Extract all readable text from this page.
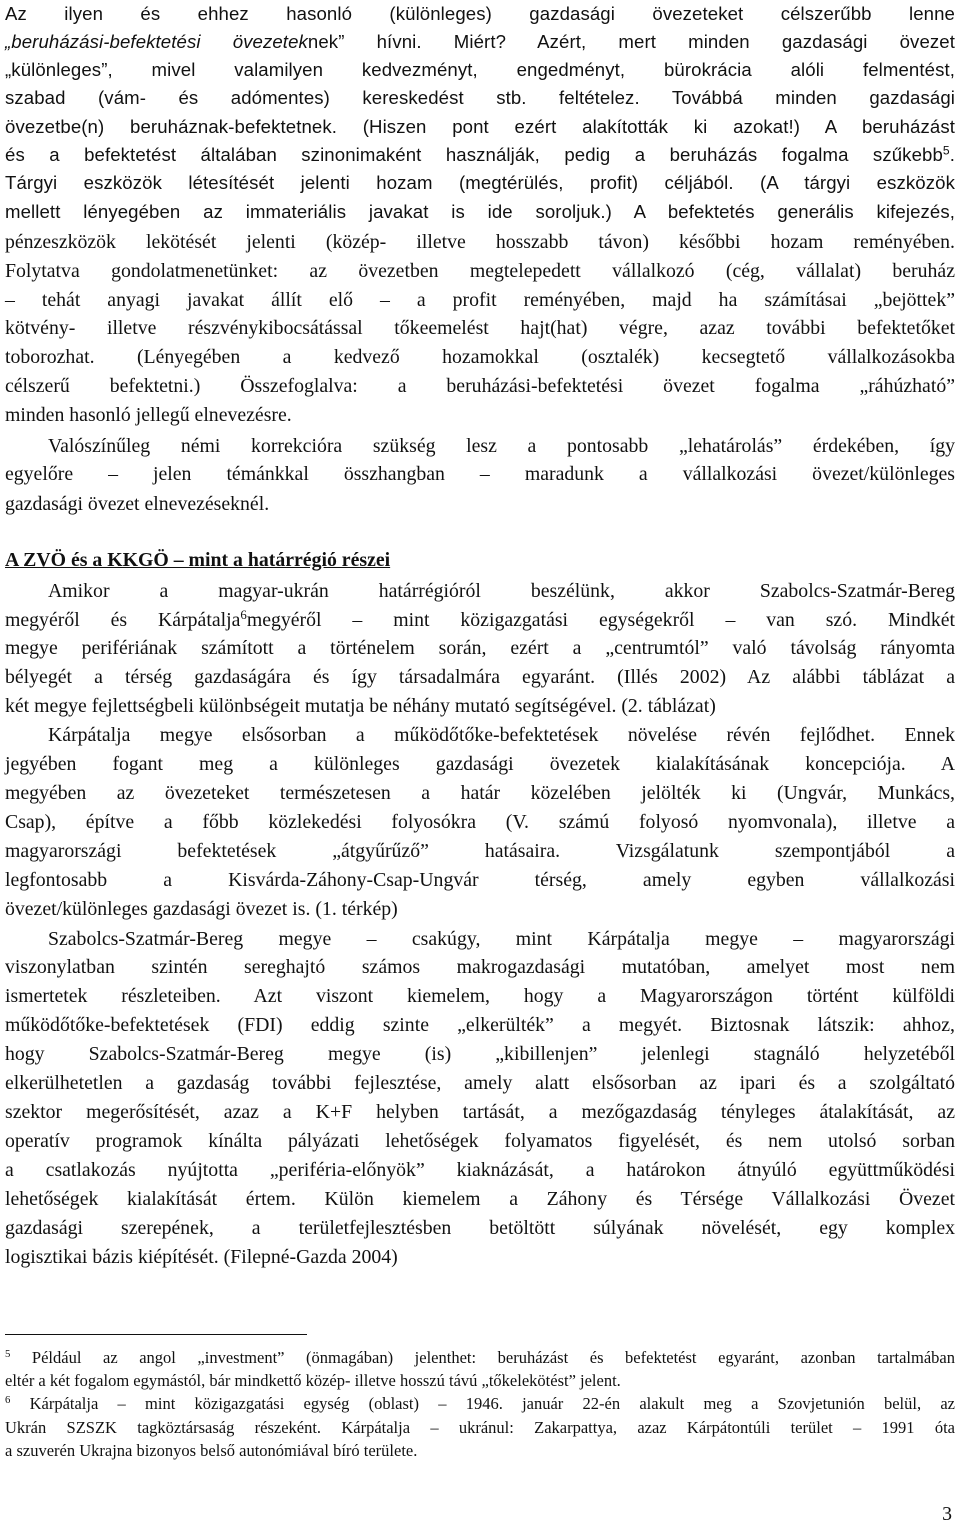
Az ilyen és ehhez hasonló (különleges) gazdasági övezeteket célszerűbb lenne
„beruházási-befektetési övezeteknek” hívni. Miért? Azért, mert minden gazdasági övezet
„különleges”, mivel valamilyen kedvezményt, engedményt, bürokrácia alóli felmentést,
szabad (vám- és adómentes) kereskedést stb. feltételez. Továbbá minden gazdasági
övezetbe(n) beruháznak-befektetnek. (Hiszen pont ezért alakították ki azokat!) A beruházást
és a befektetést általában szinonimaként használják, pedig a beruházás fogalma szűkebb$^5$.
Tárgyi eszközök létesítését jelenti hozam (megtérülés, profit) céljából. (A tárgyi eszközök
mellett lényegében az immateriális javakat is ide soroljuk.) A befektetés generális kifejezés,
pénzeszközök lekötését jelenti (közép- illetve hosszabb távon) későbbi hozam reményében.
Folytatva gondolatmenetünket: az övezetben megtelepedett vállalkozó (cég, vállalat) beruház
– tehát anyagi javakat állít elő – a profit reményében, majd ha számításai „bejöttek”
kötvény- illetve részvénykibocsátással tőkeemelést hajt(hat) végre, azaz további befektetőket
toborozhat. (Lényegében a kedvező hozamokkal (osztalék) kecsegtető vállalkozásokba
célszerű befektetni.) Összefoglalva: a beruházási-befektetési övezet fogalma „ráhúzható”
minden hasonló jellegű elnevezésre.
Valószínűleg némi korrekcióra szükség lesz a pontosabb „lehatárolás” érdekében, így
egyelőre – jelen témánkkal összhangban – maradunk a vállalkozási övezet/különleges
gazdasági övezet elnevezéseknél.
A ZVÖ és a KKGÖ – mint a határrégió részei
Amikor a magyar-ukrán határrégióról beszélünk, akkor Szabolcs-Szatmár-Bereg
megyéről és Kárpátalja$^6$megyéről – mint közigazgatási egységekről – van szó. Mindkét
megye perifériának számított a történelem során, ezért a „centrumtól” való távolság rányomta
bélyegét a térség gazdaságára és így társadalmára egyaránt. (Illés 2002) Az alábbi táblázat a
két megye fejlettségbeli különbségeit mutatja be néhány mutató segítségével. (2. táblázat)
Kárpátalja megye elsősorban a működőtőke-befektetések növelése révén fejlődhet. Ennek
jegyében fogant meg a különleges gazdasági övezetek kialakításának koncepciója. A
megyében az övezeteket természetesen a határ közelében jelölték ki (Ungvár, Munkács,
Csap), építve a főbb közlekedési folyosókra (V. számú folyosó nyomvonala), illetve a
magyarországi befektetések „átgyűrűző” hatásaira. Vizsgálatunk szempontjából a
legfontosabb a Kisvárda-Záhony-Csap-Ungvár térség, amely egyben vállalkozási
övezet/különleges gazdasági övezet is. (1. térkép)
Szabolcs-Szatmár-Bereg megye – csakúgy, mint Kárpátalja megye – magyarországi
viszonylatban szintén sereghajtó számos makrogazdasági mutatóban, amelyet most nem
ismertetek részleteiben. Azt viszont kiemelem, hogy a Magyarországon történt külföldi
működőtőke-befektetések (FDI) eddig szinte „elkerülték” a megyét. Biztosnak látszik: ahhoz,
hogy Szabolcs-Szatmár-Bereg megye (is) „kibillenjen” jelenlegi stagnáló helyzetéből
elkerülhetetlen a gazdaság további fejlesztése, amely alatt elsősorban az ipari és a szolgáltató
szektor megerősítését, azaz a K+F helyben tartását, a mezőgazdaság tényleges átalakítását, az
operatív programok kínálta pályázati lehetőségek folyamatos figyelését, és nem utolsó sorban
a csatlakozás nyújtotta „periféria-előnyök” kiaknázását, a határokon átnyúló együttműködési
lehetőségek kialakítását értem. Külön kiemelem a Záhony és Térsége Vállalkozási Övezet
gazdasági szerepének, a területfejlesztésben betöltött súlyának növelését, egy komplex
logisztikai bázis kiépítését. (Filepné-Gazda 2004)
$^5$ Például az angol „investment” (önmagában) jelenthet: beruházást és befektetést egyaránt, azonban tartalmában
eltér a két fogalom egymástól, bár mindkettő közép- illetve hosszú távú „tőkelekötést” jelent.
$^6$ Kárpátalja – mint közigazgatási egység (oblast) – 1946. január 22-én alakult meg a Szovjetunión belül, az
Ukrán SZSZK tagköztársaság részeként. Kárpátalja – ukránul: Zakarpattya, azaz Kárpátontúli terület – 1991 óta
a szuverén Ukrajna bizonyos belső autonómiával bíró területe.
3
